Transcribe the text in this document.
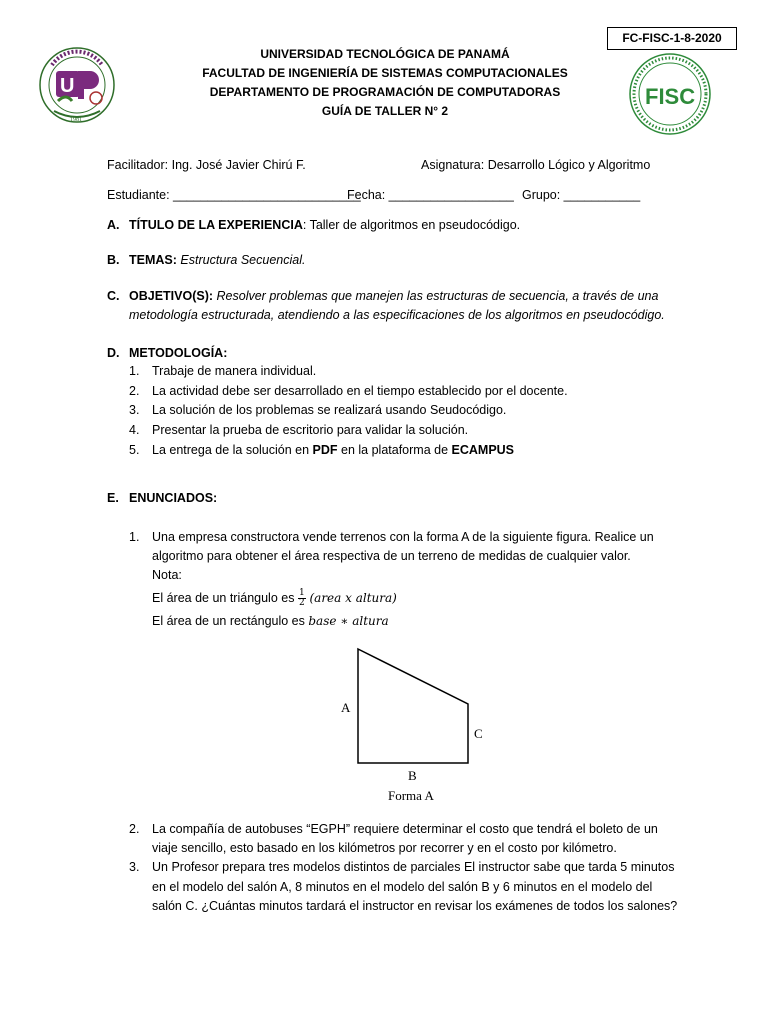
FC-FISC-1-8-2020
U
1981
FISC
UNIVERSIDAD TECNOLÓGICA DE PANAMÁ
FACULTAD DE INGENIERÍA DE SISTEMAS COMPUTACIONALES
DEPARTAMENTO DE PROGRAMACIÓN DE COMPUTADORAS
GUÍA DE TALLER N° 2
Facilitador: Ing. José Javier Chirú F.	Asignatura: Desarrollo Lógico y Algoritmo
Estudiante: ___________________________
Fecha: __________________ Grupo: ___________
A. TÍTULO DE LA EXPERIENCIA: Taller de algoritmos en pseudocódigo.
B. TEMAS: Estructura Secuencial.
C. OBJETIVO(S): Resolver problemas que manejen las estructuras de secuencia, a través de una
metodología estructurada, atendiendo a las especificaciones de los algoritmos en pseudocódigo.
D. METODOLOGÍA:
1. Trabaje de manera individual.
2. La actividad debe ser desarrollado en el tiempo establecido por el docente.
3. La solución de los problemas se realizará usando Seudocódigo.
4. Presentar la prueba de escritorio para validar la solución.
5. La entrega de la solución en PDF en la plataforma de ECAMPUS
E. ENUNCIADOS:
1. Una empresa constructora vende terrenos con la forma A de la siguiente figura. Realice un
algoritmo para obtener el área respectiva de un terreno de medidas de cualquier valor.
Nota:
El área de un triángulo es $\frac{1}{2}$ (area x altura)
El área de un rectángulo es base ∗ altura
A
C
B
Forma A
2. La compañía de autobuses “EGPH” requiere determinar el costo que tendrá el boleto de un
viaje sencillo, esto basado en los kilómetros por recorrer y en el costo por kilómetro.
3. Un Profesor prepara tres modelos distintos de parciales El instructor sabe que tarda 5 minutos
en el modelo del salón A, 8 minutos en el modelo del salón B y 6 minutos en el modelo del
salón C. ¿Cuántas minutos tardará el instructor en revisar los exámenes de todos los salones?
